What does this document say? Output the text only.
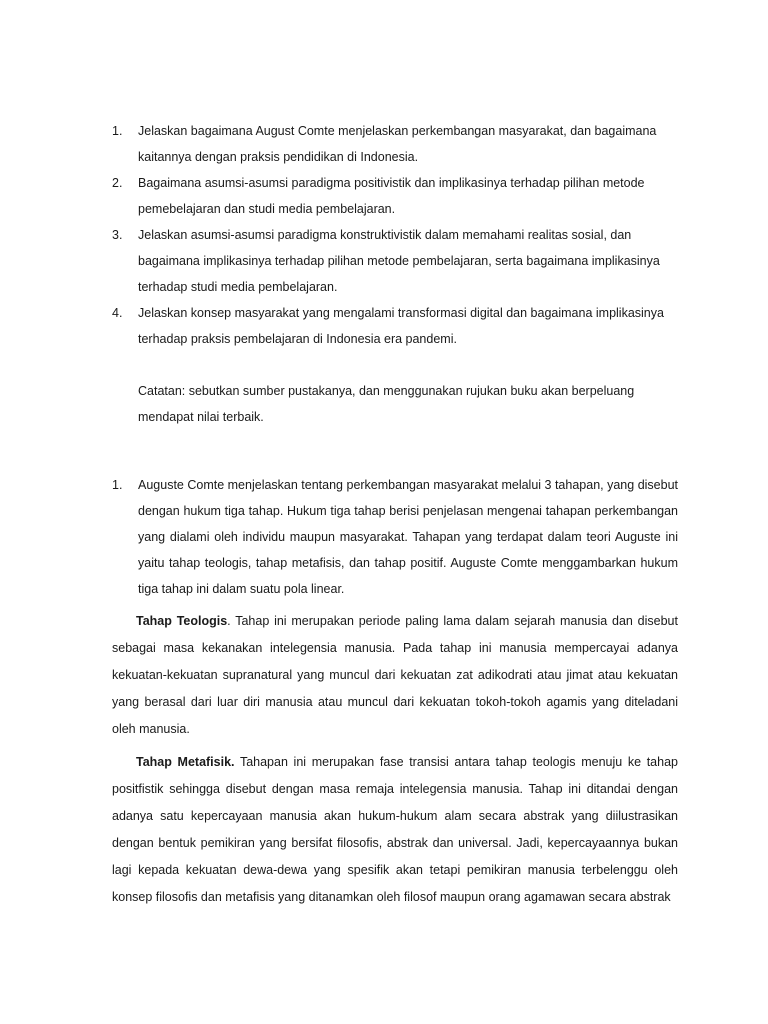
1. Jelaskan bagaimana August Comte menjelaskan perkembangan masyarakat, dan bagaimana kaitannya dengan praksis pendidikan di Indonesia.
2. Bagaimana asumsi-asumsi paradigma positivistik dan implikasinya terhadap pilihan metode pemebelajaran dan studi media pembelajaran.
3. Jelaskan asumsi-asumsi paradigma konstruktivistik dalam memahami realitas sosial, dan bagaimana implikasinya terhadap pilihan metode pembelajaran, serta bagaimana implikasinya terhadap studi media pembelajaran.
4. Jelaskan konsep masyarakat yang mengalami transformasi digital dan bagaimana implikasinya terhadap praksis pembelajaran di Indonesia era pandemi.
Catatan: sebutkan sumber pustakanya, dan menggunakan rujukan buku akan berpeluang mendapat nilai terbaik.
1. Auguste Comte menjelaskan tentang perkembangan masyarakat melalui 3 tahapan, yang disebut dengan hukum tiga tahap. Hukum tiga tahap berisi penjelasan mengenai tahapan perkembangan yang dialami oleh individu maupun masyarakat. Tahapan yang terdapat dalam teori Auguste ini yaitu tahap teologis, tahap metafisis, dan tahap positif. Auguste Comte menggambarkan hukum tiga tahap ini dalam suatu pola linear.

Tahap Teologis. Tahap ini merupakan periode paling lama dalam sejarah manusia dan disebut sebagai masa kekanakan intelegensia manusia. Pada tahap ini manusia mempercayai adanya kekuatan-kekuatan supranatural yang muncul dari kekuatan zat adikodrati atau jimat atau kekuatan yang berasal dari luar diri manusia atau muncul dari kekuatan tokoh-tokoh agamis yang diteladani oleh manusia.

Tahap Metafisik. Tahapan ini merupakan fase transisi antara tahap teologis menuju ke tahap positfistik sehingga disebut dengan masa remaja intelegensia manusia. Tahap ini ditandai dengan adanya satu kepercayaan manusia akan hukum-hukum alam secara abstrak yang diilustrasikan dengan bentuk pemikiran yang bersifat filosofis, abstrak dan universal. Jadi, kepercayaannya bukan lagi kepada kekuatan dewa-dewa yang spesifik akan tetapi pemikiran manusia terbelenggu oleh konsep filosofis dan metafisis yang ditanamkan oleh filosof maupun orang agamawan secara abstrak
